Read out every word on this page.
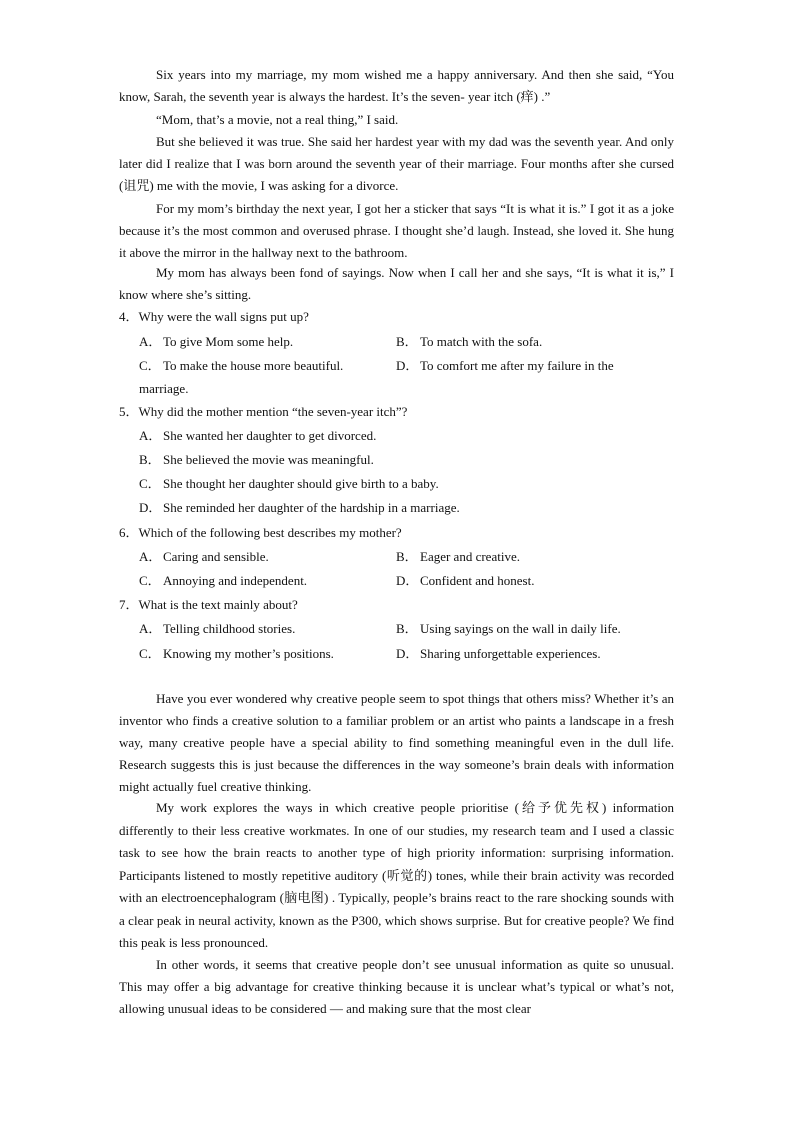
Six years into my marriage, my mom wished me a happy anniversary. And then she said, “You know, Sarah, the seventh year is always the hardest. It’s the seven- year itch (痒) .”

“Mom, that’s a movie, not a real thing,” I said.

But she believed it was true. She said her hardest year with my dad was the seventh year. And only later did I realize that I was born around the seventh year of their marriage. Four months after she cursed (诅咒) me with the movie, I was asking for a divorce.

For my mom’s birthday the next year, I got her a sticker that says “It is what it is.” I got it as a joke because it’s the most common and overused phrase. I thought she’d laugh. Instead, she loved it. She hung it above the mirror in the hallway next to the bathroom.

My mom has always been fond of sayings. Now when I call her and she says, “It is what it is,” I know where she’s sitting.

4．Why were the wall signs put up?

A． To give Mom some help.	B． To match with the sofa.

C． To make the house more beautiful.	D． To comfort me after my failure in the

marriage.

5．Why did the mother mention “the seven-year itch”?

A． She wanted her daughter to get divorced.

B． She believed the movie was meaningful.

C． She thought her daughter should give birth to a baby.

D． She reminded her daughter of the hardship in a marriage.

6．Which of the following best describes my mother?

A． Caring and sensible.	B． Eager and creative.

C． Annoying and independent.	D． Confident and honest.

7．What is the text mainly about?

A． Telling childhood stories.	B． Using sayings on the wall in daily life.

C． Knowing my mother’s positions.	D． Sharing unforgettable experiences.

Have you ever wondered why creative people seem to spot things that others miss? Whether it’s an inventor who finds a creative solution to a familiar problem or an artist who paints a landscape in a fresh way, many creative people have a special ability to find something meaningful even in the dull life. Research suggests this is just because the differences in the way someone’s brain deals with information might actually fuel creative thinking.

My work explores the ways in which creative people prioritise (给予优先权) information differently to their less creative workmates. In one of our studies, my research team and I used a classic task to see how the brain reacts to another type of high priority information: surprising information. Participants listened to mostly repetitive auditory (听觉的) tones, while their brain activity was recorded with an electroencephalogram (脑电图) . Typically, people’s brains react to the rare shocking sounds with a clear peak in neural activity, known as the P300, which shows surprise. But for creative people? We find this peak is less pronounced.

In other words, it seems that creative people don’t see unusual information as quite so unusual. This may offer a big advantage for creative thinking because it is unclear what’s typical or what’s not, allowing unusual ideas to be considered — and making sure that the most clear
